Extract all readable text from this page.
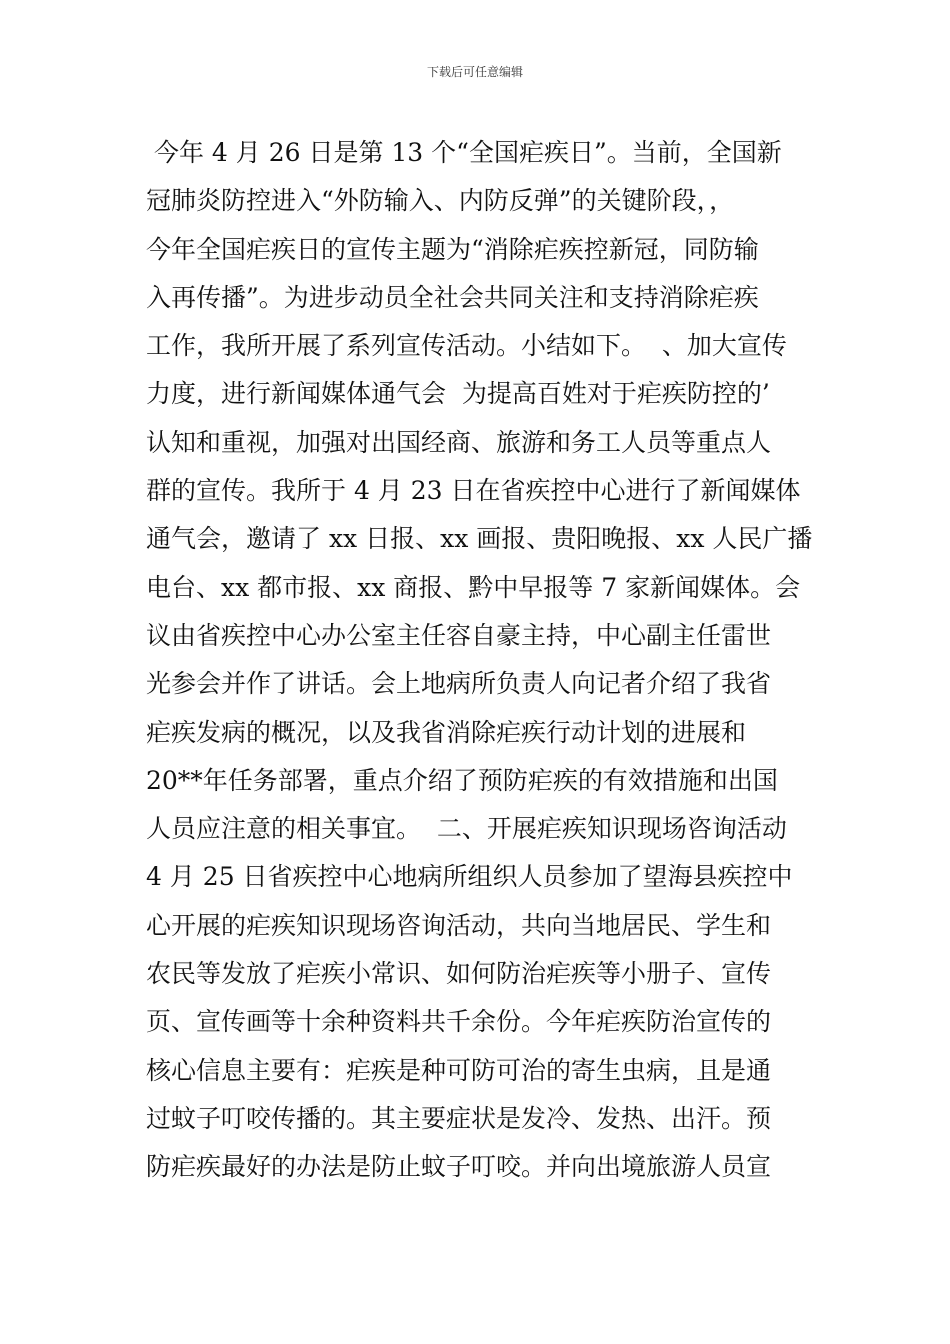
下载后可任意编辑
今年 4 月 26 日是第 13 个“全国疟疾日”。当前，全国新
冠肺炎防控进入“外防输入、内防反弹”的关键阶段，，
今年全国疟疾日的宣传主题为“消除疟疾控新冠，同防输
入再传播”。为进步动员全社会共同关注和支持消除疟疾
工作，我所开展了系列宣传活动。小结如下。  、加大宣传
力度，进行新闻媒体通气会  为提高百姓对于疟疾防控的’
认知和重视，加强对出国经商、旅游和务工人员等重点人
群的宣传。我所于 4 月 23 日在省疾控中心进行了新闻媒体
通气会，邀请了 xx 日报、xx 画报、贵阳晚报、xx 人民广播
电台、xx 都市报、xx 商报、黔中早报等 7 家新闻媒体。会
议由省疾控中心办公室主任容自豪主持，中心副主任雷世
光参会并作了讲话。会上地病所负责人向记者介绍了我省
疟疾发病的概况，以及我省消除疟疾行动计划的进展和
20**年任务部署，重点介绍了预防疟疾的有效措施和出国
人员应注意的相关事宜。  二、开展疟疾知识现场咨询活动
4 月 25 日省疾控中心地病所组织人员参加了望海县疾控中
心开展的疟疾知识现场咨询活动，共向当地居民、学生和
农民等发放了疟疾小常识、如何防治疟疾等小册子、宣传
页、宣传画等十余种资料共千余份。今年疟疾防治宣传的
核心信息主要有：疟疾是种可防可治的寄生虫病，且是通
过蚊子叮咬传播的。其主要症状是发冷、发热、出汗。预
防疟疾最好的办法是防止蚊子叮咬。并向出境旅游人员宣
